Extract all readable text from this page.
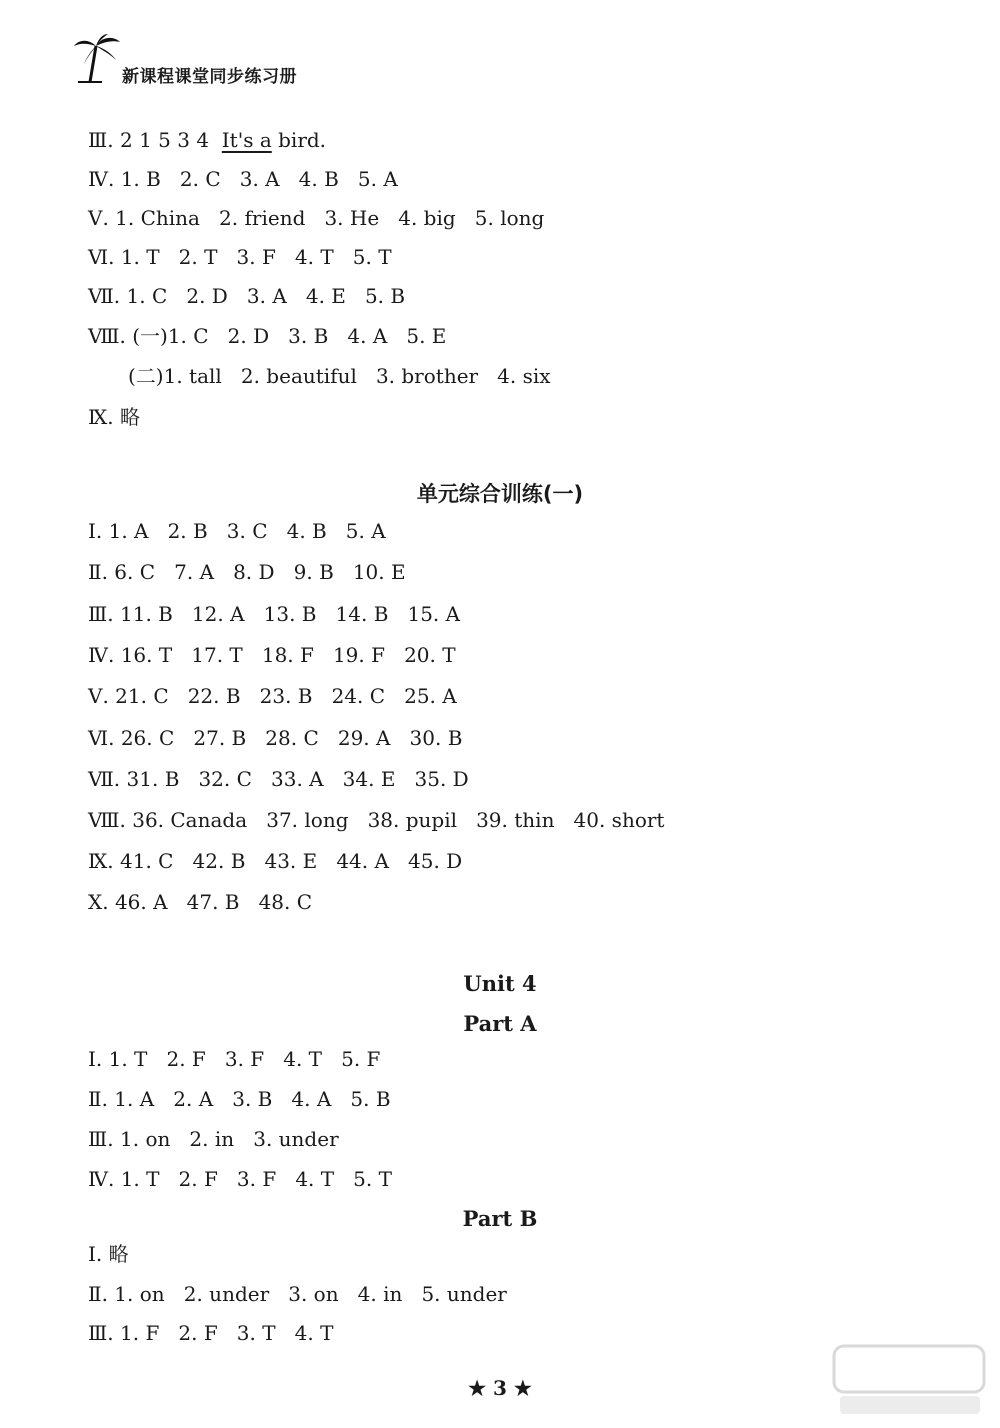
新课程课堂同步练习册
Ⅲ. 2 1 5 3 4  It's a bird.
Ⅳ. 1. B   2. C   3. A   4. B   5. A
Ⅴ. 1. China   2. friend   3. He   4. big   5. long
Ⅵ. 1. T   2. T   3. F   4. T   5. T
Ⅶ. 1. C   2. D   3. A   4. E   5. B
Ⅷ. (一)1. C   2. D   3. B   4. A   5. E
(二)1. tall   2. beautiful   3. brother   4. six
Ⅸ. 略
单元综合训练(一)
Ⅰ. 1. A   2. B   3. C   4. B   5. A
Ⅱ. 6. C   7. A   8. D   9. B   10. E
Ⅲ. 11. B   12. A   13. B   14. B   15. A
Ⅳ. 16. T   17. T   18. F   19. F   20. T
Ⅴ. 21. C   22. B   23. B   24. C   25. A
Ⅵ. 26. C   27. B   28. C   29. A   30. B
Ⅶ. 31. B   32. C   33. A   34. E   35. D
Ⅷ. 36. Canada   37. long   38. pupil   39. thin   40. short
Ⅸ. 41. C   42. B   43. E   44. A   45. D
Ⅹ. 46. A   47. B   48. C
Unit 4
Part A
Ⅰ. 1. T   2. F   3. F   4. T   5. F
Ⅱ. 1. A   2. A   3. B   4. A   5. B
Ⅲ. 1. on   2. in   3. under
Ⅳ. 1. T   2. F   3. F   4. T   5. T
Part B
Ⅰ. 略
Ⅱ. 1. on   2. under   3. on   4. in   5. under
Ⅲ. 1. F   2. F   3. T   4. T
★ 3 ★
